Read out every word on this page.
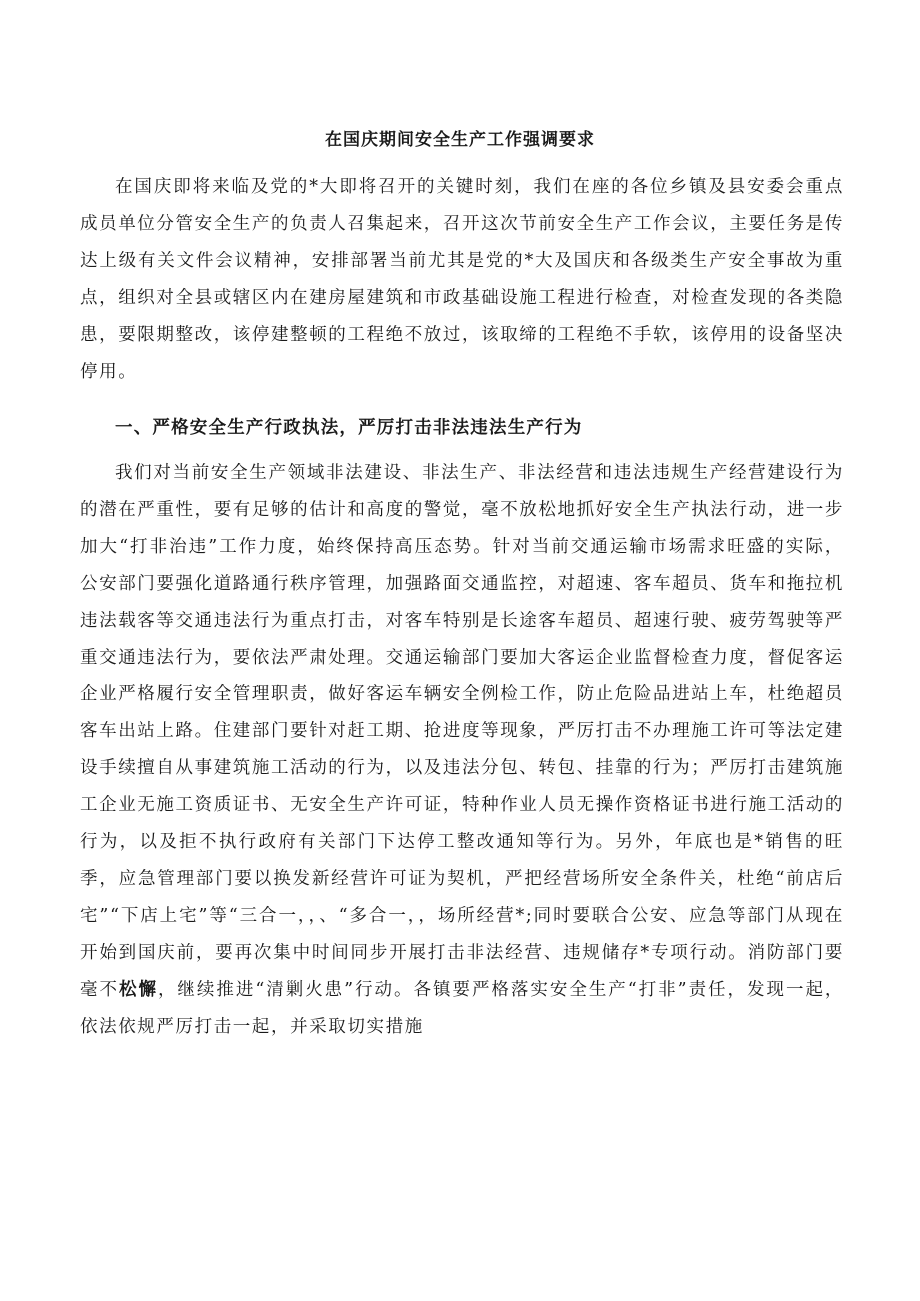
在国庆期间安全生产工作强调要求

在国庆即将来临及党的*大即将召开的关键时刻，我们在座的各位乡镇及县安委会重点成员单位分管安全生产的负责人召集起来，召开这次节前安全生产工作会议，主要任务是传达上级有关文件会议精神，安排部署当前尤其是党的*大及国庆和各级类生产安全事故为重点，组织对全县或辖区内在建房屋建筑和市政基础设施工程进行检查，对检查发现的各类隐患，要限期整改，该停建整顿的工程绝不放过，该取缔的工程绝不手软，该停用的设备坚决停用。

一、严格安全生产行政执法，严厉打击非法违法生产行为

我们对当前安全生产领域非法建设、非法生产、非法经营和违法违规生产经营建设行为的潜在严重性，要有足够的估计和高度的警觉，毫不放松地抓好安全生产执法行动，进一步加大“打非治违”工作力度，始终保持高压态势。针对当前交通运输市场需求旺盛的实际，公安部门要强化道路通行秩序管理，加强路面交通监控，对超速、客车超员、货车和拖拉机违法载客等交通违法行为重点打击，对客车特别是长途客车超员、超速行驶、疲劳驾驶等严重交通违法行为，要依法严肃处理。交通运输部门要加大客运企业监督检查力度，督促客运企业严格履行安全管理职责，做好客运车辆安全例检工作，防止危险品进站上车，杜绝超员客车出站上路。住建部门要针对赶工期、抢进度等现象，严厉打击不办理施工许可等法定建设手续擅自从事建筑施工活动的行为，以及违法分包、转包、挂靠的行为；严厉打击建筑施工企业无施工资质证书、无安全生产许可证，特种作业人员无操作资格证书进行施工活动的行为，以及拒不执行政府有关部门下达停工整改通知等行为。另外，年底也是*销售的旺季，应急管理部门要以换发新经营许可证为契机，严把经营场所安全条件关，杜绝“前店后宅”“下店上宅”等“三合一，，、“多合一，，场所经营*;同时要联合公安、应急等部门从现在开始到国庆前，要再次集中时间同步开展打击非法经营、违规储存*专项行动。消防部门要毫不松懈，继续推进“清剿火患”行动。各镇要严格落实安全生产“打非”责任，发现一起，依法依规严厉打击一起，并采取切实措施
